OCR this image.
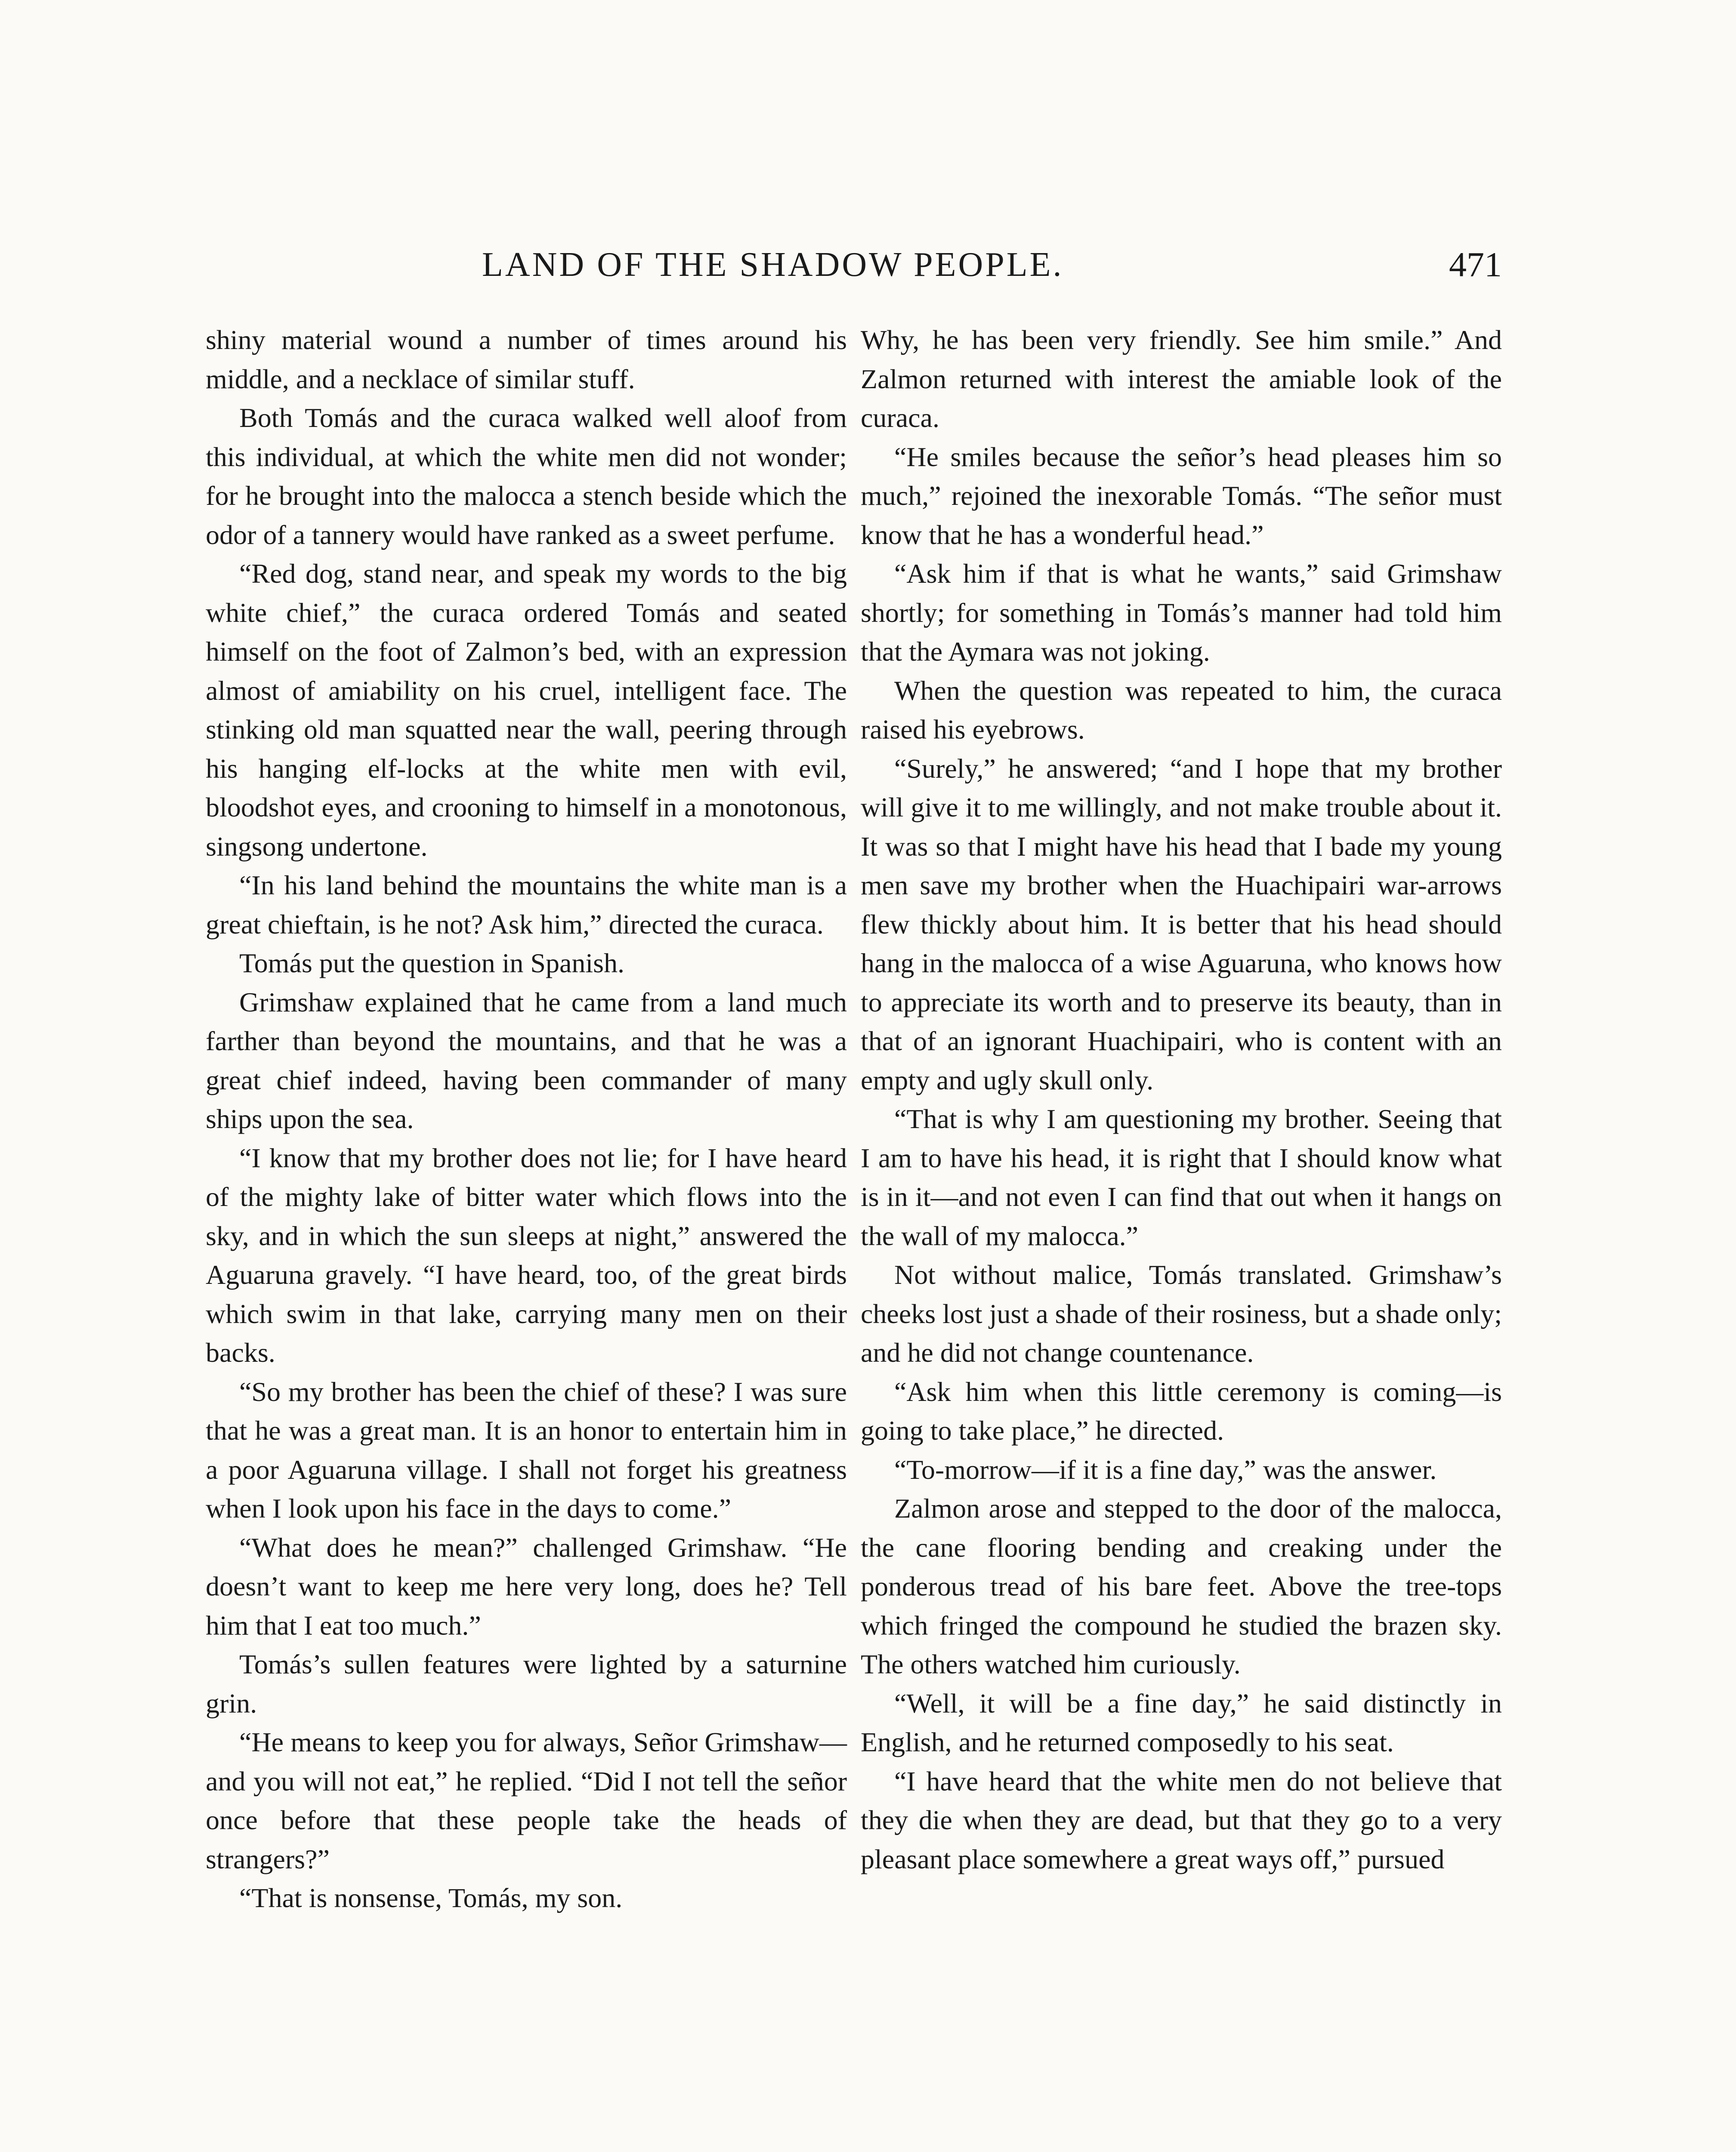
LAND OF THE SHADOW PEOPLE.	471

shiny material wound a number of times around his middle, and a necklace of similar stuff.

Both Tomás and the curaca walked well aloof from this individual, at which the white men did not wonder; for he brought into the malocca a stench beside which the odor of a tannery would have ranked as a sweet perfume.

“Red dog, stand near, and speak my words to the big white chief,” the curaca ordered Tomás and seated himself on the foot of Zalmon’s bed, with an expression almost of amiability on his cruel, intelligent face. The stinking old man squatted near the wall, peering through his hanging elf-locks at the white men with evil, bloodshot eyes, and crooning to himself in a monotonous, singsong undertone.

“In his land behind the mountains the white man is a great chieftain, is he not? Ask him,” directed the curaca.

Tomás put the question in Spanish.

Grimshaw explained that he came from a land much farther than beyond the mountains, and that he was a great chief indeed, having been commander of many ships upon the sea.

“I know that my brother does not lie; for I have heard of the mighty lake of bitter water which flows into the sky, and in which the sun sleeps at night,” answered the Aguaruna gravely. “I have heard, too, of the great birds which swim in that lake, carrying many men on their backs.

“So my brother has been the chief of these? I was sure that he was a great man. It is an honor to entertain him in a poor Aguaruna village. I shall not forget his greatness when I look upon his face in the days to come.”

“What does he mean?” challenged Grimshaw. “He doesn’t want to keep me here very long, does he? Tell him that I eat too much.”

Tomás’s sullen features were lighted by a saturnine grin.

“He means to keep you for always, Señor Grimshaw—and you will not eat,” he replied. “Did I not tell the señor once before that these people take the heads of strangers?”

“That is nonsense, Tomás, my son.

Why, he has been very friendly. See him smile.” And Zalmon returned with interest the amiable look of the curaca.

“He smiles because the señor’s head pleases him so much,” rejoined the inexorable Tomás. “The señor must know that he has a wonderful head.”

“Ask him if that is what he wants,” said Grimshaw shortly; for something in Tomás’s manner had told him that the Aymara was not joking.

When the question was repeated to him, the curaca raised his eyebrows.

“Surely,” he answered; “and I hope that my brother will give it to me willingly, and not make trouble about it. It was so that I might have his head that I bade my young men save my brother when the Huachipairi war-arrows flew thickly about him. It is better that his head should hang in the malocca of a wise Aguaruna, who knows how to appreciate its worth and to preserve its beauty, than in that of an ignorant Huachipairi, who is content with an empty and ugly skull only.

“That is why I am questioning my brother. Seeing that I am to have his head, it is right that I should know what is in it—and not even I can find that out when it hangs on the wall of my malocca.”

Not without malice, Tomás translated. Grimshaw’s cheeks lost just a shade of their rosiness, but a shade only; and he did not change countenance.

“Ask him when this little ceremony is coming—is going to take place,” he directed.

“To-morrow—if it is a fine day,” was the answer.

Zalmon arose and stepped to the door of the malocca, the cane flooring bending and creaking under the ponderous tread of his bare feet. Above the tree-tops which fringed the compound he studied the brazen sky. The others watched him curiously.

“Well, it will be a fine day,” he said distinctly in English, and he returned composedly to his seat.

“I have heard that the white men do not believe that they die when they are dead, but that they go to a very pleasant place somewhere a great ways off,” pursued
